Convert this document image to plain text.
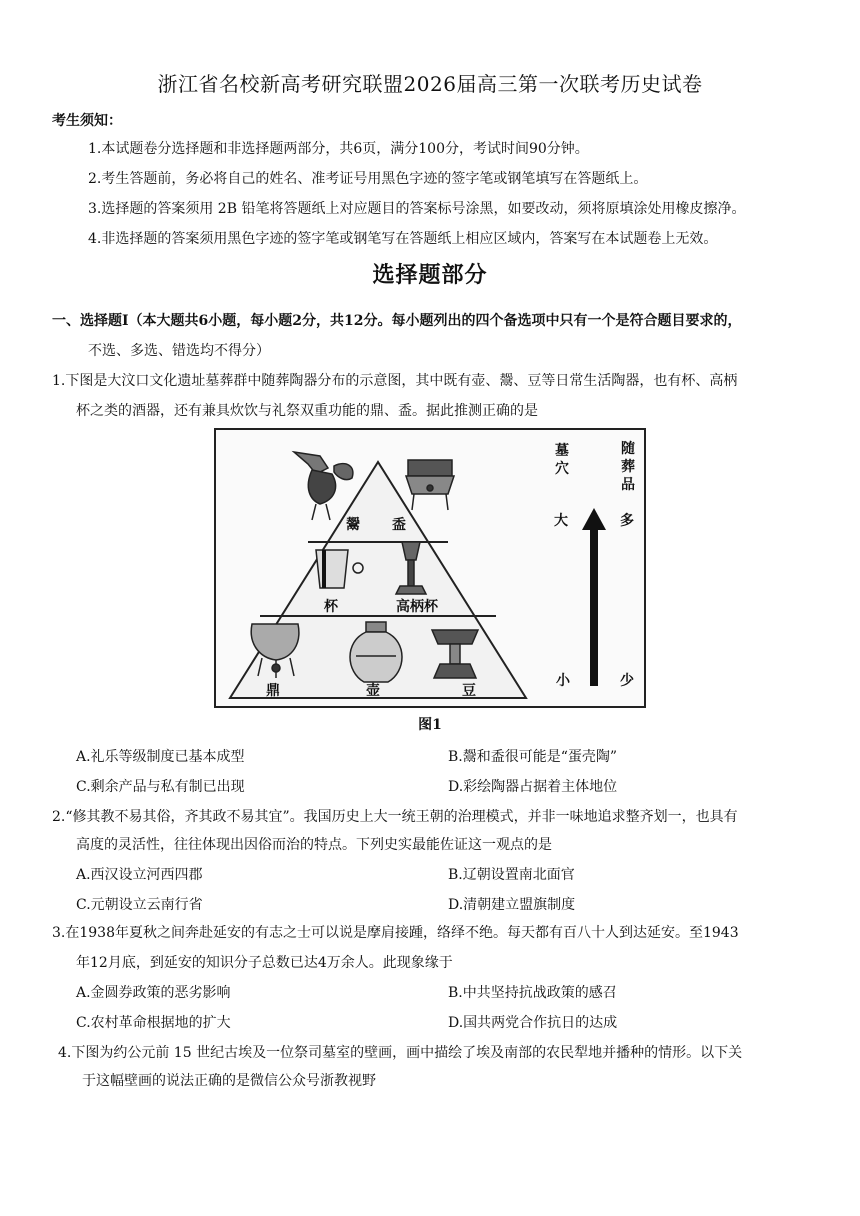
浙江省名校新高考研究联盟2026届高三第一次联考历史试卷
考生须知：
1.本试题卷分选择题和非选择题两部分，共6页，满分100分，考试时间90分钟。
2.考生答题前，务必将自己的姓名、准考证号用黑色字迹的签字笔或钢笔填写在答题纸上。
3.选择题的答案须用 2B 铅笔将答题纸上对应题目的答案标号涂黑，如要改动，须将原填涂处用橡皮擦净。
4.非选择题的答案须用黑色字迹的签字笔或钢笔写在答题纸上相应区域内，答案写在本试题卷上无效。
选择题部分
一、选择题Ⅰ（本大题共6小题，每小题2分，共12分。每小题列出的四个备选项中只有一个是符合题目要求的，
不选、多选、错选均不得分）
1.下图是大汶口文化遗址墓葬群中随葬陶器分布的示意图，其中既有壶、鬶、豆等日常生活陶器，也有杯、高柄
杯之类的酒器，还有兼具炊饮与礼祭双重功能的鼎、盉。据此推测正确的是
鬶 盉
杯	高柄杯
鼎	壶	豆
墓穴
随葬品
大	多
小	少
图1
A.礼乐等级制度已基本成型	B.鬶和盉很可能是“蛋壳陶”
C.剩余产品与私有制已出现	D.彩绘陶器占据着主体地位
2.“修其教不易其俗，齐其政不易其宜”。我国历史上大一统王朝的治理模式，并非一味地追求整齐划一，也具有
高度的灵活性，往往体现出因俗而治的特点。下列史实最能佐证这一观点的是
A.西汉设立河西四郡	B.辽朝设置南北面官
C.元朝设立云南行省	D.清朝建立盟旗制度
3.在1938年夏秋之间奔赴延安的有志之士可以说是摩肩接踵，络绎不绝。每天都有百八十人到达延安。至1943
年12月底，到延安的知识分子总数已达4万余人。此现象缘于
A.金圆券政策的恶劣影响	B.中共坚持抗战政策的感召
C.农村革命根据地的扩大	D.国共两党合作抗日的达成
4.下图为约公元前 15 世纪古埃及一位祭司墓室的壁画，画中描绘了埃及南部的农民犁地并播种的情形。以下关
于这幅壁画的说法正确的是微信公众号浙教视野
